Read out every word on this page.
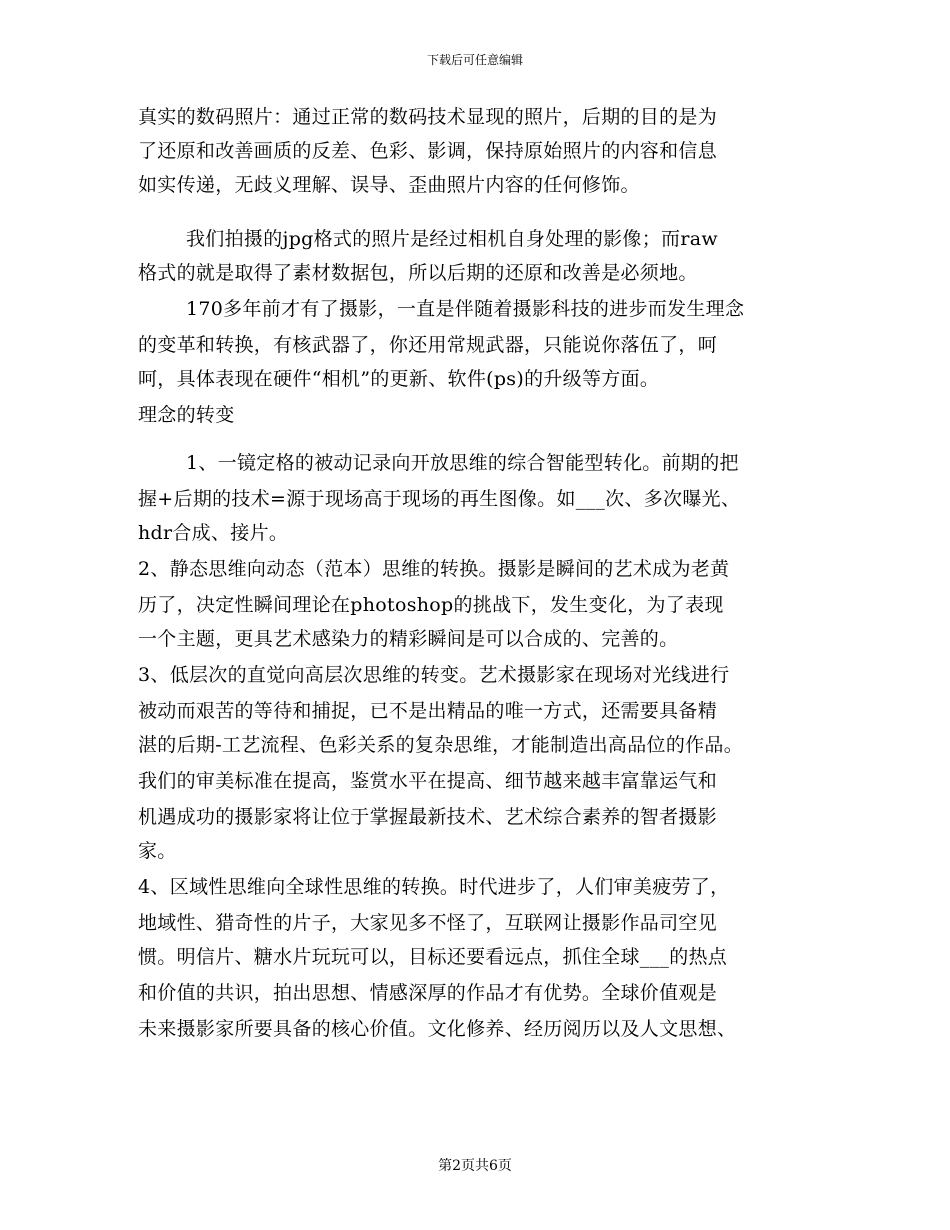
下载后可任意编辑
真实的数码照片：通过正常的数码技术显现的照片，后期的目的是为
了还原和改善画质的反差、色彩、影调，保持原始照片的内容和信息
如实传递，无歧义理解、误导、歪曲照片内容的任何修饰。
我们拍摄的jpg格式的照片是经过相机自身处理的影像；而raw
格式的就是取得了素材数据包，所以后期的还原和改善是必须地。
170多年前才有了摄影，一直是伴随着摄影科技的进步而发生理念
的变革和转换，有核武器了，你还用常规武器，只能说你落伍了，呵
呵，具体表现在硬件“相机”的更新、软件(ps)的升级等方面。
理念的转变
1、一镜定格的被动记录向开放思维的综合智能型转化。前期的把
握+后期的技术=源于现场高于现场的再生图像。如___次、多次曝光、
hdr合成、接片。
2、静态思维向动态（范本）思维的转换。摄影是瞬间的艺术成为老黄
历了，决定性瞬间理论在photoshop的挑战下，发生变化，为了表现
一个主题，更具艺术感染力的精彩瞬间是可以合成的、完善的。
3、低层次的直觉向高层次思维的转变。艺术摄影家在现场对光线进行
被动而艰苦的等待和捕捉，已不是出精品的唯一方式，还需要具备精
湛的后期-工艺流程、色彩关系的复杂思维，才能制造出高品位的作品。
我们的审美标准在提高，鉴赏水平在提高、细节越来越丰富靠运气和
机遇成功的摄影家将让位于掌握最新技术、艺术综合素养的智者摄影
家。
4、区域性思维向全球性思维的转换。时代进步了，人们审美疲劳了，
地域性、猎奇性的片子，大家见多不怪了，互联网让摄影作品司空见
惯。明信片、糖水片玩玩可以，目标还要看远点，抓住全球___的热点
和价值的共识，拍出思想、情感深厚的作品才有优势。全球价值观是
未来摄影家所要具备的核心价值。文化修养、经历阅历以及人文思想、
第2页共6页
